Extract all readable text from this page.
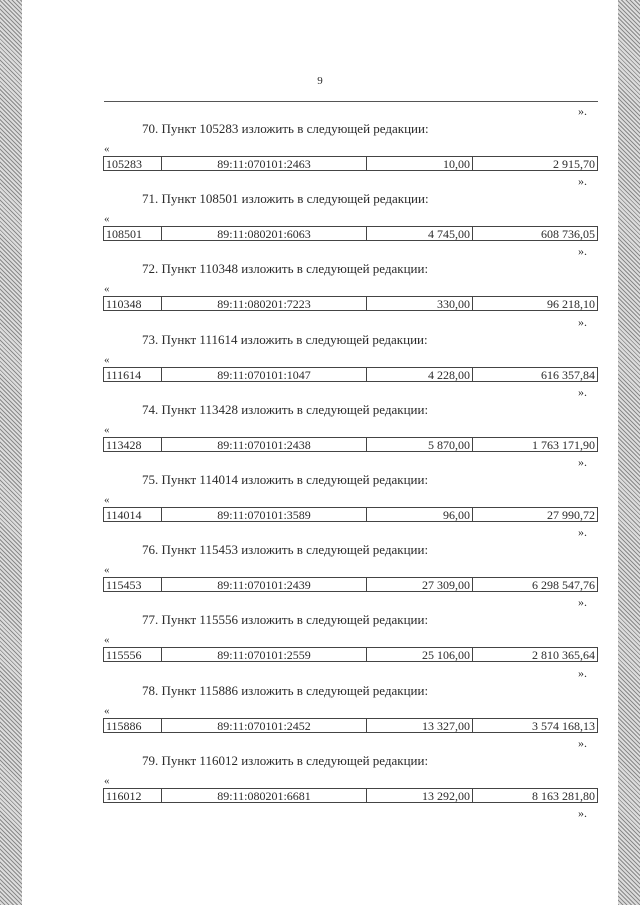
9
».
70. Пункт 105283 изложить в следующей редакции:
«
105283	89:11:070101:2463	10,00	2 915,70
».
71. Пункт 108501 изложить в следующей редакции:
«
108501	89:11:080201:6063	4 745,00	608 736,05
».
72. Пункт 110348 изложить в следующей редакции:
«
110348	89:11:080201:7223	330,00	96 218,10
».
73. Пункт 111614 изложить в следующей редакции:
«
111614	89:11:070101:1047	4 228,00	616 357,84
».
74. Пункт 113428 изложить в следующей редакции:
«
113428	89:11:070101:2438	5 870,00	1 763 171,90
».
75. Пункт 114014 изложить в следующей редакции:
«
114014	89:11:070101:3589	96,00	27 990,72
».
76. Пункт 115453 изложить в следующей редакции:
«
115453	89:11:070101:2439	27 309,00	6 298 547,76
».
77. Пункт 115556 изложить в следующей редакции:
«
115556	89:11:070101:2559	25 106,00	2 810 365,64
».
78. Пункт 115886 изложить в следующей редакции:
«
115886	89:11:070101:2452	13 327,00	3 574 168,13
».
79. Пункт 116012 изложить в следующей редакции:
«
116012	89:11:080201:6681	13 292,00	8 163 281,80
».
